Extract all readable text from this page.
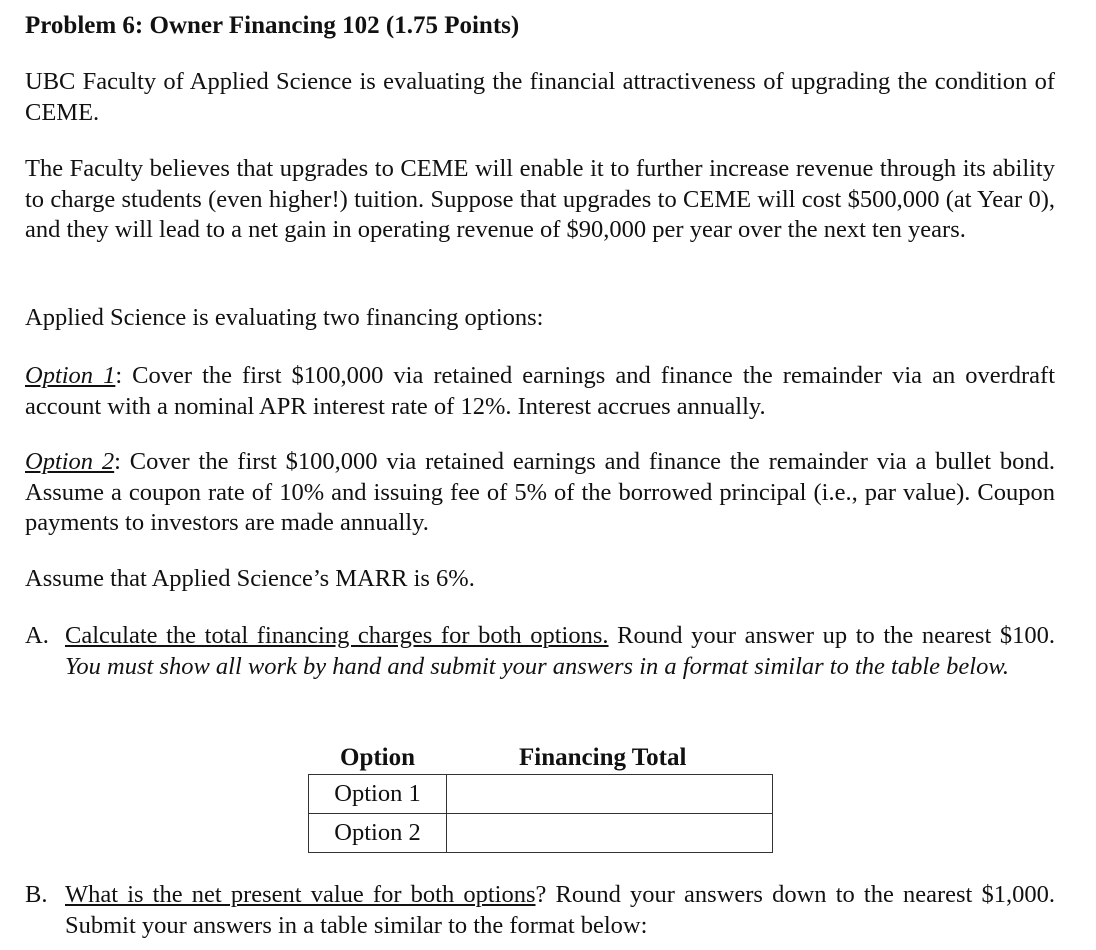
Problem 6: Owner Financing 102 (1.75 Points)
UBC Faculty of Applied Science is evaluating the financial attractiveness of upgrading the condition of CEME.
The Faculty believes that upgrades to CEME will enable it to further increase revenue through its ability to charge students (even higher!) tuition. Suppose that upgrades to CEME will cost $500,000 (at Year 0), and they will lead to a net gain in operating revenue of $90,000 per year over the next ten years.
Applied Science is evaluating two financing options:
Option 1: Cover the first $100,000 via retained earnings and finance the remainder via an overdraft account with a nominal APR interest rate of 12%. Interest accrues annually.
Option 2: Cover the first $100,000 via retained earnings and finance the remainder via a bullet bond. Assume a coupon rate of 10% and issuing fee of 5% of the borrowed principal (i.e., par value). Coupon payments to investors are made annually.
Assume that Applied Science’s MARR is 6%.
A. Calculate the total financing charges for both options. Round your answer up to the nearest $100. You must show all work by hand and submit your answers in a format similar to the table below.
Option	Financing Total
Option 1
Option 2
B. What is the net present value for both options? Round your answers down to the nearest $1,000. Submit your answers in a table similar to the format below:
